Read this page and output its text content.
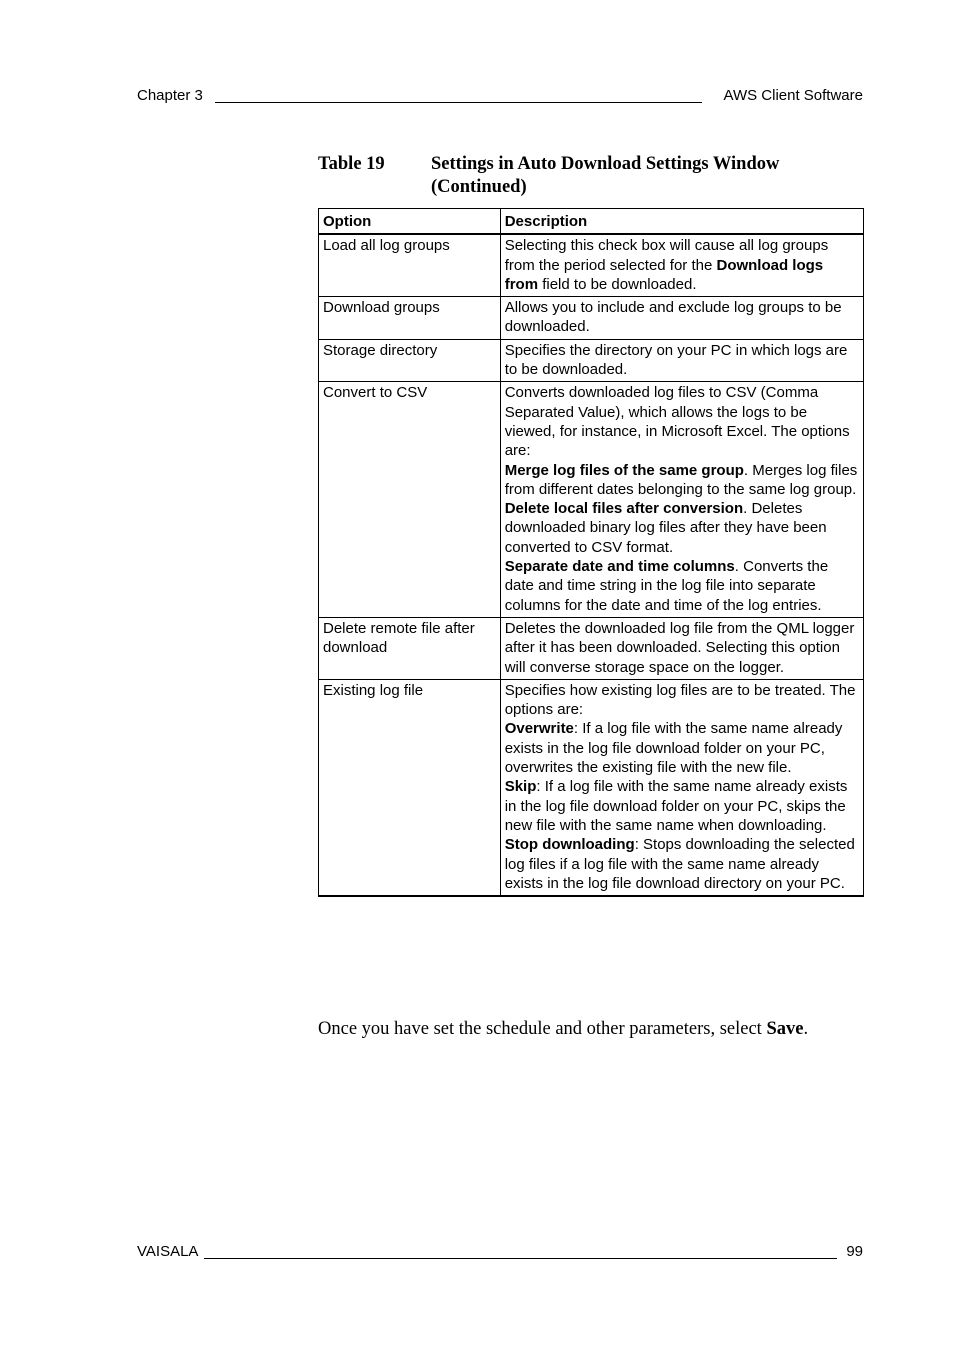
Chapter 3	AWS Client Software
Table 19	Settings in Auto Download Settings Window (Continued)
Option	Description
Load all log groups	Selecting this check box will cause all log groups from the period selected for the Download logs from field to be downloaded.

Download groups	Allows you to include and exclude log groups to be downloaded.

Storage directory	Specifies the directory on your PC in which logs are to be downloaded.

Convert to CSV	Converts downloaded log files to CSV (Comma Separated Value), which allows the logs to be viewed, for instance, in Microsoft Excel. The options are:

Merge log files of the same group. Merges log files from different dates belonging to the same log group.

Delete local files after conversion. Deletes downloaded binary log files after they have been converted to CSV format.

Separate date and time columns. Converts the date and time string in the log file into separate columns for the date and time of the log entries.

Delete remote file after download	Deletes the downloaded log file from the QML logger after it has been downloaded. Selecting this option will converse storage space on the logger.

Existing log file	Specifies how existing log files are to be treated. The options are:

Overwrite: If a log file with the same name already exists in the log file download folder on your PC, overwrites the existing file with the new file.

Skip: If a log file with the same name already exists in the log file download folder on your PC, skips the new file with the same name when downloading.

Stop downloading: Stops downloading the selected log files if a log file with the same name already exists in the log file download directory on your PC.

Once you have set the schedule and other parameters, select Save.
VAISALA	99
